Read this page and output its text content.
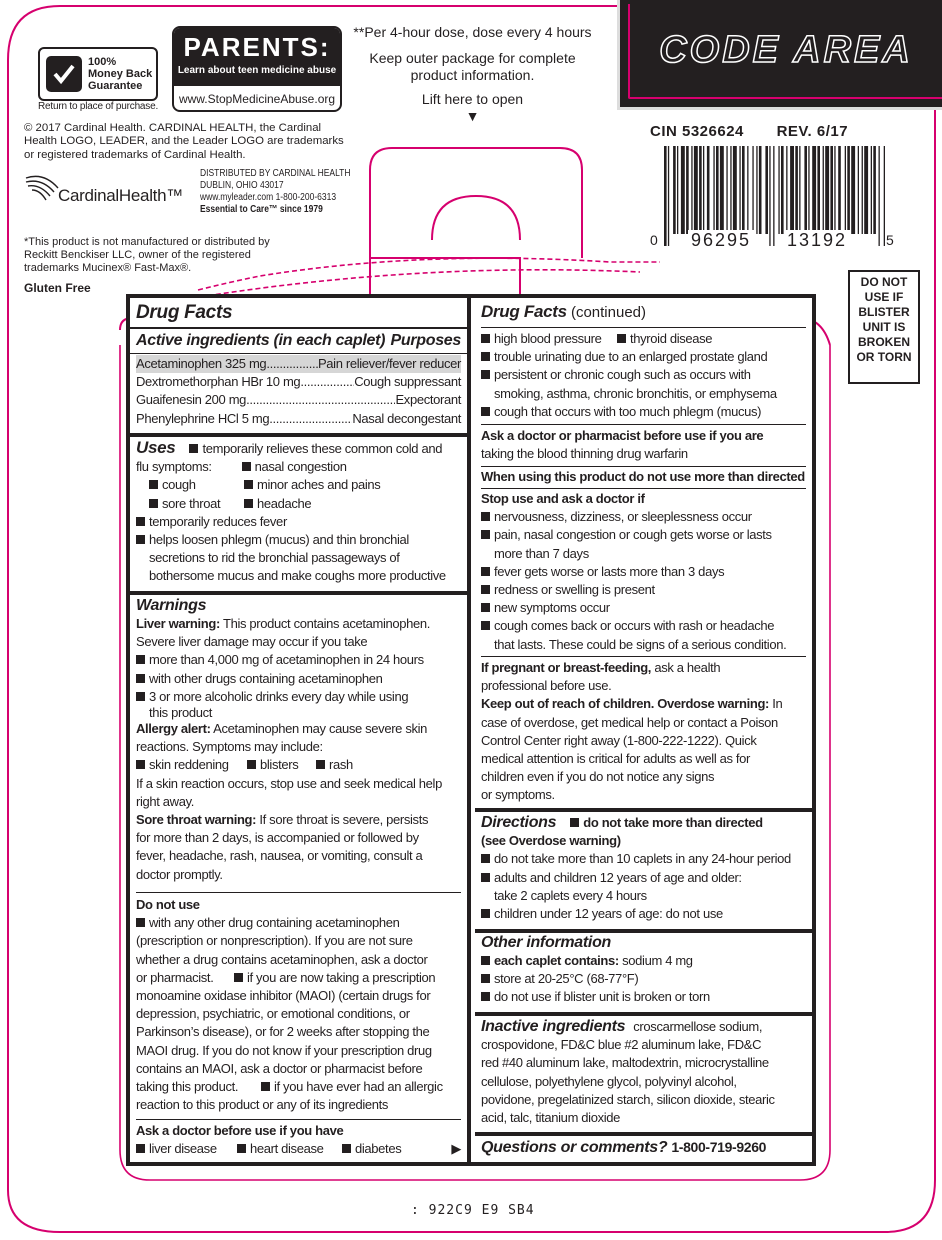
100%
Money Back
Guarantee
Return to place of purchase.
PARENTS:
Learn about teen medicine abuse
www.StopMedicineAbuse.org
© 2017 Cardinal Health. CARDINAL HEALTH, the Cardinal Health LOGO, LEADER, and the Leader LOGO are trademarks or registered trademarks of Cardinal Health.
CardinalHealth™
DISTRIBUTED BY CARDINAL HEALTH
DUBLIN, OHIO 43017
www.myleader.com 1-800-200-6313
Essential to Care™ since 1979
*This product is not manufactured or distributed by
Reckitt Benckiser LLC, owner of the registered
trademarks Mucinex® Fast-Max®.
Gluten Free
**Per 4-hour dose, dose every 4 hours
Keep outer package for complete
product information.
Lift here to open
▼
CODE AREA
CIN 5326624 REV. 6/17
0 96295 13192	5
DO NOT
USE IF
BLISTER
UNIT IS
BROKEN
OR TORN
Drug Facts
Active ingredients (in each caplet) Purposes
Acetaminophen 325 mg .....	Pain reliever/fever reducer
Dextromethorphan HBr 10 mg .....	Cough suppressant
Guaifenesin 200 mg .....	Expectorant
Phenylephrine HCl 5 mg .....	Nasal decongestant
Uses temporarily relieves these common cold and
flu symptoms:	nasal congestion
cough	minor aches and pains
sore throat	headache
temporarily reduces fever
helps loosen phlegm (mucus) and thin bronchial
secretions to rid the bronchial passageways of
bothersome mucus and make coughs more productive
Warnings
Liver warning: This product contains acetaminophen.
Severe liver damage may occur if you take
more than 4,000 mg of acetaminophen in 24 hours
with other drugs containing acetaminophen
3 or more alcoholic drinks every day while using
this product
Allergy alert: Acetaminophen may cause severe skin
reactions. Symptoms may include:
skin reddening blisters rash
If a skin reaction occurs, stop use and seek medical help
right away.
Sore throat warning: If sore throat is severe, persists
for more than 2 days, is accompanied or followed by
fever, headache, rash, nausea, or vomiting, consult a
doctor promptly.
Do not use
with any other drug containing acetaminophen
(prescription or nonprescription). If you are not sure
whether a drug contains acetaminophen, ask a doctor
or pharmacist.	if you are now taking a prescription
monoamine oxidase inhibitor (MAOI) (certain drugs for
depression, psychiatric, or emotional conditions, or
Parkinson’s disease), or for 2 weeks after stopping the
MAOI drug. If you do not know if your prescription drug
contains an MAOI, ask a doctor or pharmacist before
taking this product.	if you have ever had an allergic
reaction to this product or any of its ingredients
Ask a doctor before use if you have
liver disease	heart disease diabetes	▶
Drug Facts (continued)
high blood pressure thyroid disease
trouble urinating due to an enlarged prostate gland
persistent or chronic cough such as occurs with
smoking, asthma, chronic bronchitis, or emphysema
cough that occurs with too much phlegm (mucus)
Ask a doctor or pharmacist before use if you are
taking the blood thinning drug warfarin
When using this product do not use more than directed
Stop use and ask a doctor if
nervousness, dizziness, or sleeplessness occur
pain, nasal congestion or cough gets worse or lasts
more than 7 days
fever gets worse or lasts more than 3 days
redness or swelling is present
new symptoms occur
cough comes back or occurs with rash or headache
that lasts. These could be signs of a serious condition.
If pregnant or breast-feeding, ask a health
professional before use.
Keep out of reach of children. Overdose warning: In
case of overdose, get medical help or contact a Poison
Control Center right away (1-800-222-1222). Quick
medical attention is critical for adults as well as for
children even if you do not notice any signs
or symptoms.
Directions do not take more than directed
(see Overdose warning)
do not take more than 10 caplets in any 24-hour period
adults and children 12 years of age and older:
take 2 caplets every 4 hours
children under 12 years of age: do not use
Other information
each caplet contains: sodium 4 mg
store at 20-25°C (68-77°F)
do not use if blister unit is broken or torn
Inactive ingredients croscarmellose sodium,
crospovidone, FD&C blue #2 aluminum lake, FD&C
red #40 aluminum lake, maltodextrin, microcrystalline
cellulose, polyethylene glycol, polyvinyl alcohol,
povidone, pregelatinized starch, silicon dioxide, stearic
acid, talc, titanium dioxide
Questions or comments? 1-800-719-9260
: 922C9 E9 SB4
